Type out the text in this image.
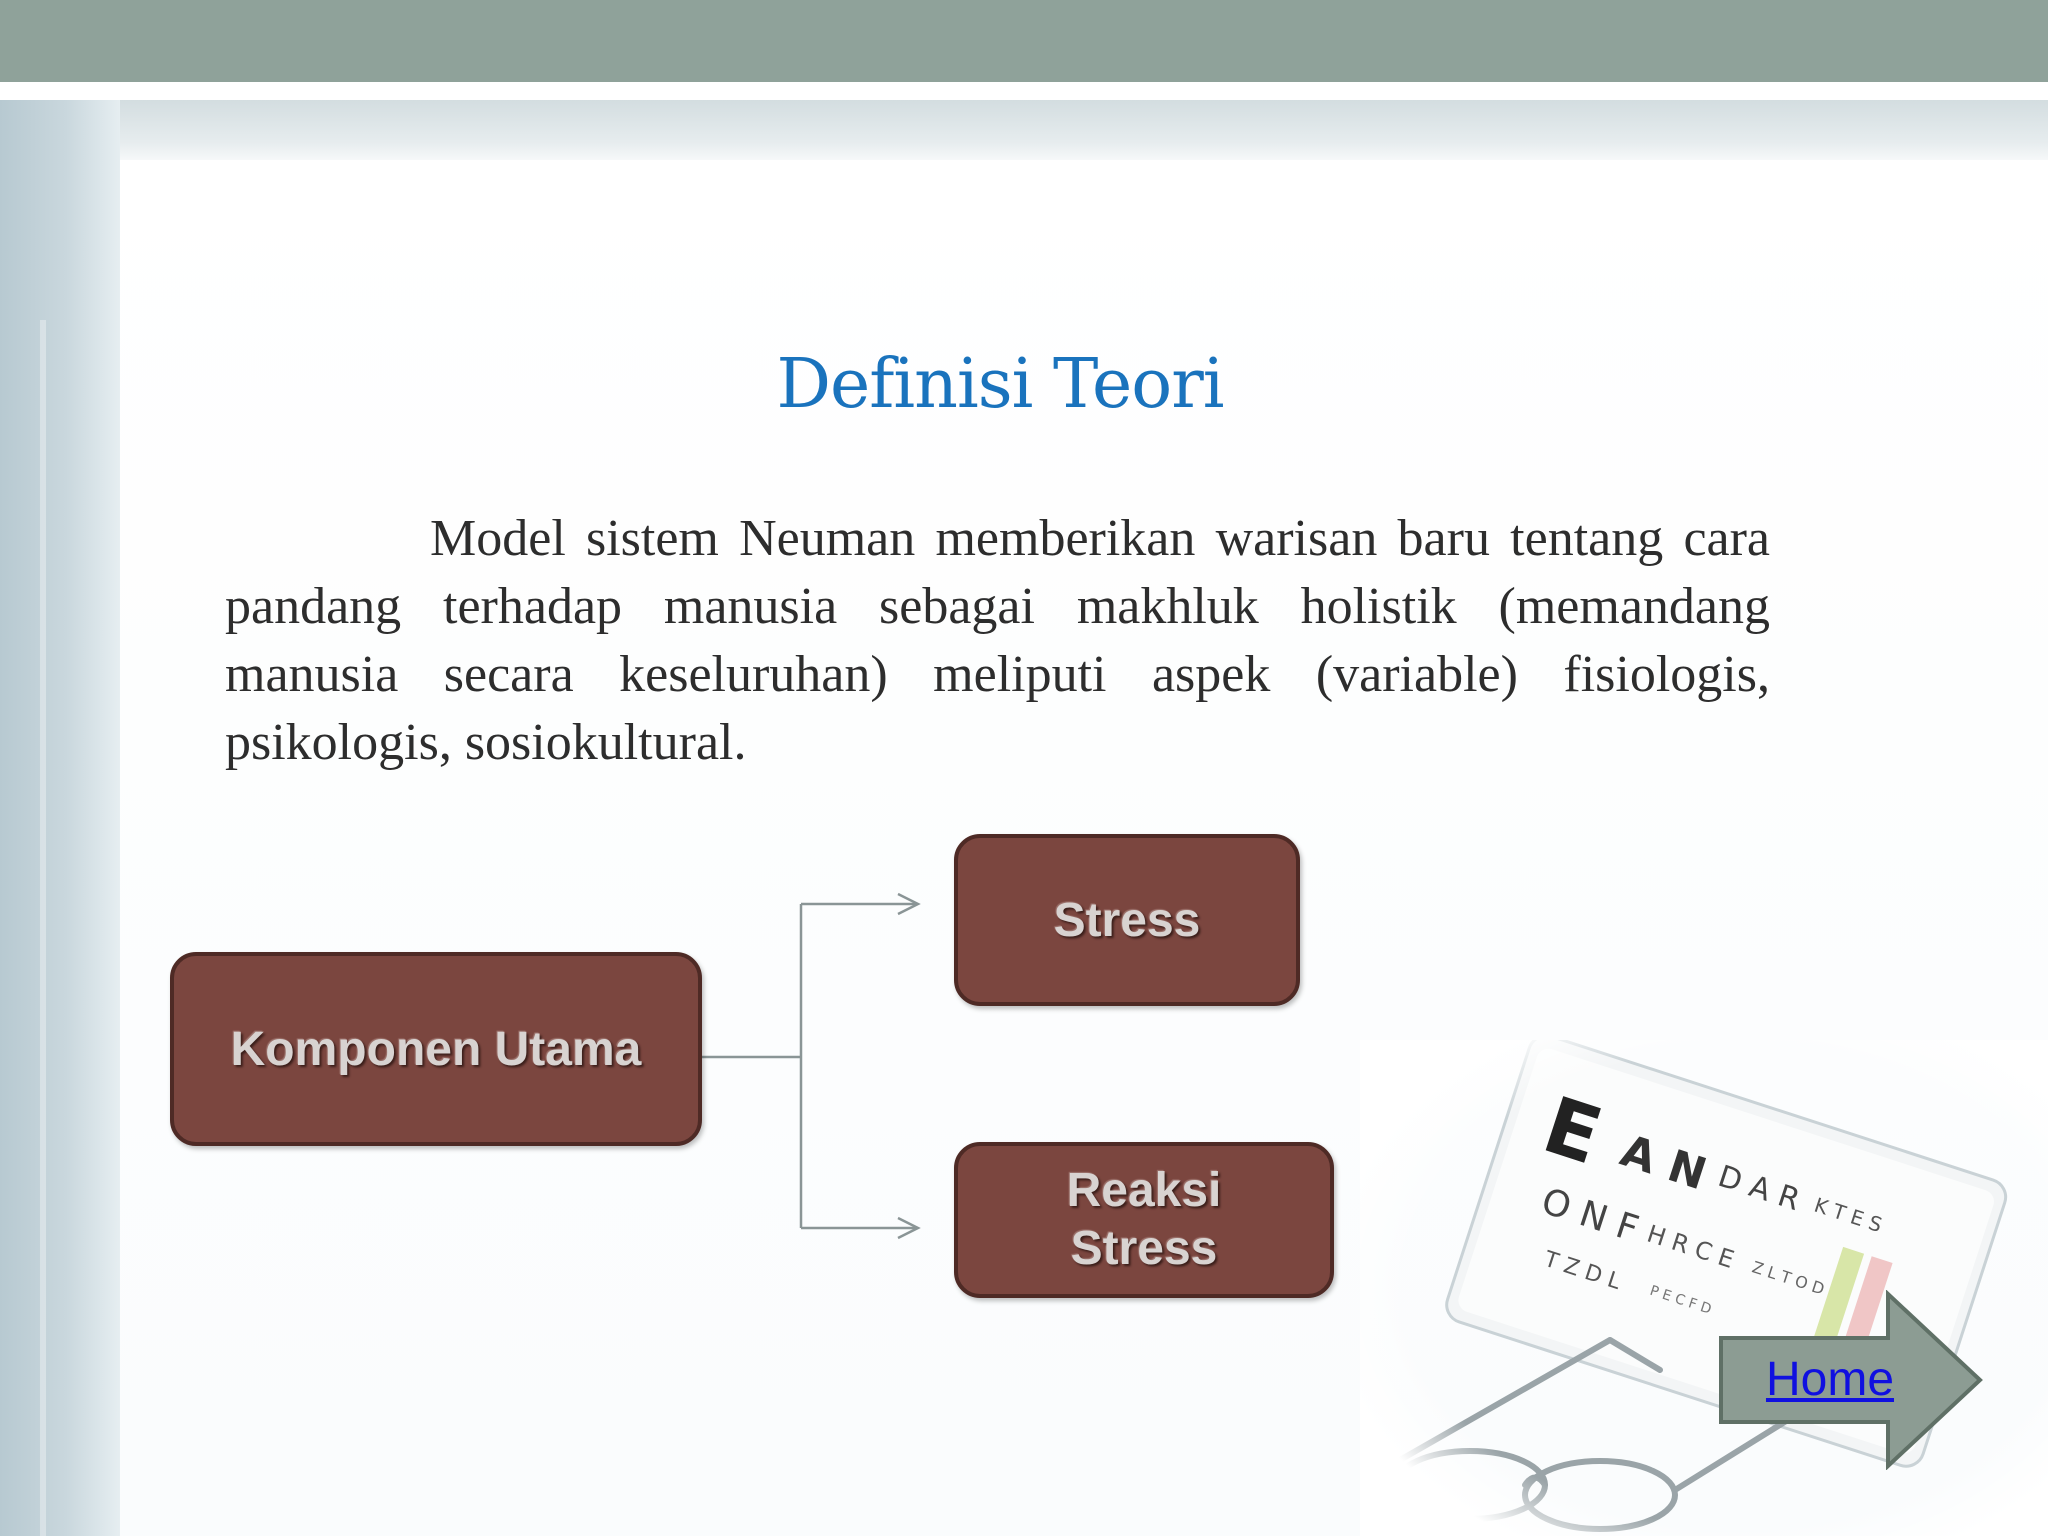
Definisi Teori
Model sistem Neuman memberikan warisan baru tentang cara pandang terhadap manusia sebagai makhluk holistik (memandang manusia secara keseluruhan) meliputi aspek (variable) fisiologis, psikologis, sosiokultural.
Komponen Utama
Stress
Reaksi
Stress
Home
